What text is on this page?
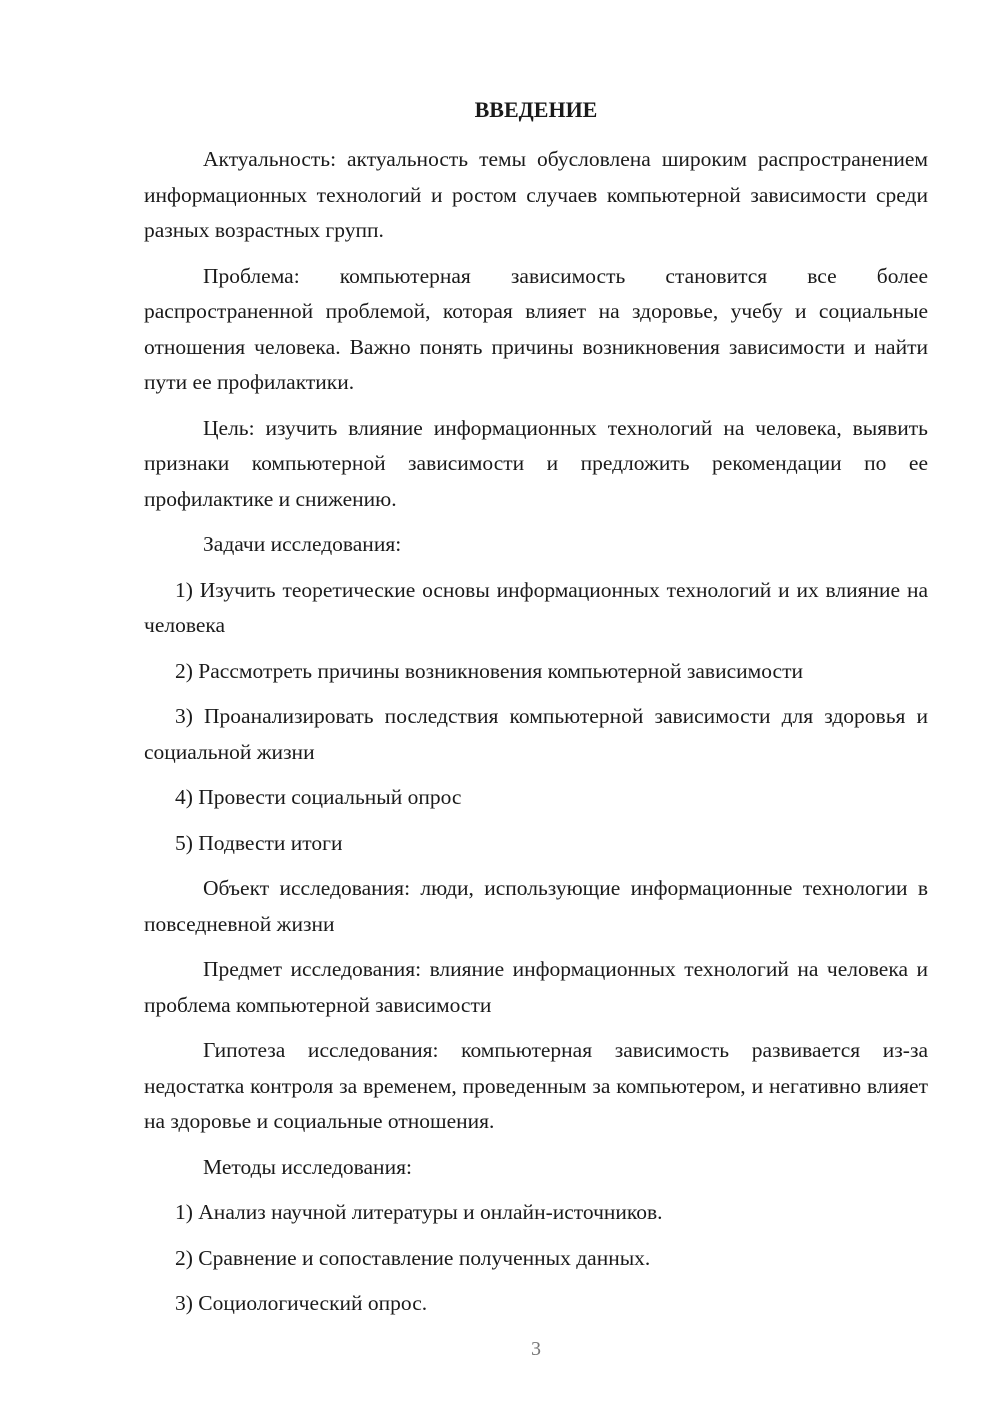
ВВЕДЕНИЕ

Актуальность: актуальность темы обусловлена широким распространением информационных технологий и ростом случаев компьютерной зависимости среди разных возрастных групп.

Проблема: компьютерная зависимость становится все более распространенной проблемой, которая влияет на здоровье, учебу и социальные отношения человека. Важно понять причины возникновения зависимости и найти пути ее профилактики.

Цель: изучить влияние информационных технологий на человека, выявить признаки компьютерной зависимости и предложить рекомендации по ее профилактике и снижению.

Задачи исследования:

1) Изучить теоретические основы информационных технологий и их влияние на человека

2) Рассмотреть причины возникновения компьютерной зависимости

3) Проанализировать последствия компьютерной зависимости для здоровья и социальной жизни

4) Провести социальный опрос

5) Подвести итоги

Объект исследования: люди, использующие информационные технологии в повседневной жизни

Предмет исследования: влияние информационных технологий на человека и проблема компьютерной зависимости

Гипотеза исследования: компьютерная зависимость развивается из-за недостатка контроля за временем, проведенным за компьютером, и негативно влияет на здоровье и социальные отношения.

Методы исследования:

1) Анализ научной литературы и онлайн-источников.

2) Сравнение и сопоставление полученных данных.

3) Социологический опрос.

3
